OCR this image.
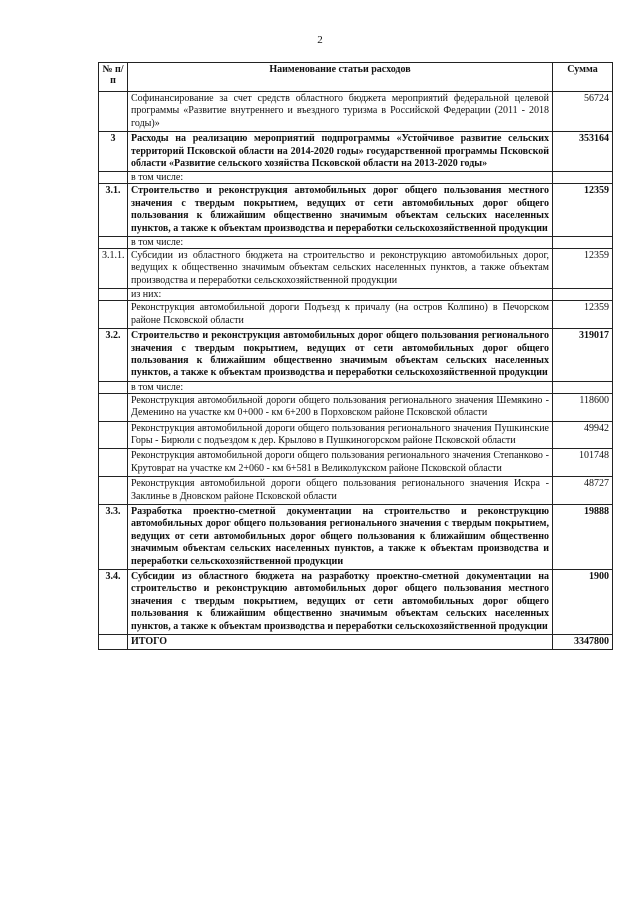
2
№ п/п	Наименование статьи расходов	Сумма
	Софинансирование за счет средств областного бюджета мероприятий федеральной целевой программы «Развитие внутреннего и въездного туризма в Российской Федерации (2011 - 2018 годы)»	56724
3	Расходы на реализацию мероприятий подпрограммы «Устойчивое развитие сельских территорий Псковской области на 2014-2020 годы» государственной программы Псковской области «Развитие сельского хозяйства Псковской области на 2013-2020 годы»	353164
	в том числе:	
3.1.	Строительство и реконструкция автомобильных дорог общего пользования местного значения с твердым покрытием, ведущих от сети автомобильных дорог общего пользования к ближайшим общественно значимым объектам сельских населенных пунктов, а также к объектам производства и переработки сельскохозяйственной продукции	12359
	в том числе:	
3.1.1.	Субсидии из областного бюджета на строительство и реконструкцию автомобильных дорог, ведущих к общественно значимым объектам сельских населенных пунктов, а также объектам производства и переработки сельскохозяйственной продукции	12359
	из них:	
	Реконструкция автомобильной дороги Подъезд к причалу (на остров Колпино) в Печорском районе Псковской области	12359
3.2.	Строительство и реконструкция автомобильных дорог общего пользования регионального значения с твердым покрытием, ведущих от сети автомобильных дорог общего пользования к ближайшим общественно значимым объектам сельских населенных пунктов, а также к объектам производства и переработки сельскохозяйственной продукции	319017
	в том числе:	
	Реконструкция автомобильной дороги общего пользования регионального значения Шемякино - Деменино на участке км 0+000 - км 6+200 в Порховском районе Псковской области	118600
	Реконструкция автомобильной дороги общего пользования регионального значения Пушкинские Горы - Бирюли с подъездом к дер. Крылово в Пушкиногорском районе Псковской области	49942
	Реконструкция автомобильной дороги общего пользования регионального значения Степанково - Крутоврат на участке км 2+060 - км 6+581 в Великолукском районе Псковской области	101748
	Реконструкция автомобильной дороги общего пользования регионального значения Искра - Заклинье в Дновском районе Псковской области	48727
3.3.	Разработка проектно-сметной документации на строительство и реконструкцию автомобильных дорог общего пользования регионального значения с твердым покрытием, ведущих от сети автомобильных дорог общего пользования к ближайшим общественно значимым объектам сельских населенных пунктов, а также к объектам производства и переработки сельскохозяйственной продукции	19888
3.4.	Субсидии из областного бюджета на разработку проектно-сметной документации на строительство и реконструкцию автомобильных дорог общего пользования местного значения с твердым покрытием, ведущих от сети автомобильных дорог общего пользования к ближайшим общественно значимым объектам сельских населенных пунктов, а также к объектам производства и переработки сельскохозяйственной продукции	1900
	ИТОГО	3347800
